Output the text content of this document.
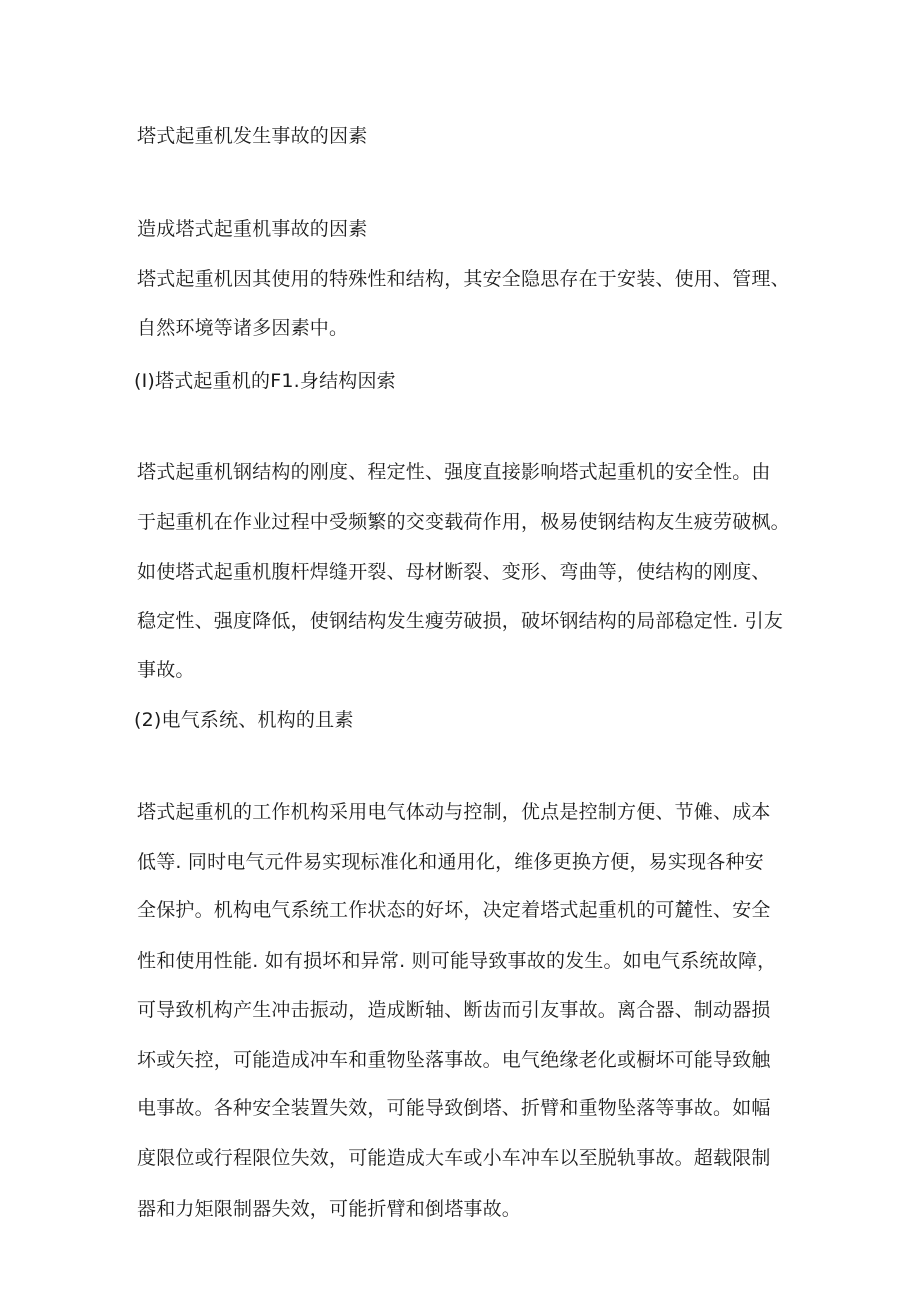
塔式起重机发生事故的因素
造成塔式起重机事故的因素
塔式起重机因其使用的特殊性和结构，其安全隐思存在于安装、使用、管理、
自然环境等诸多因素中。
(I)塔式起重机的F1.身结构因索
塔式起重机钢结构的刚度、程定性、强度直接影响塔式起重机的安全性。由
于起重机在作业过程中受频繁的交变载荷作用，极易使钢结构友生疲劳破枫。
如使塔式起重机腹杆焊缝开裂、母材断裂、变形、弯曲等，使结构的刚度、
稳定性、强度降低，使钢结构发生瘦劳破损，破坏钢结构的局部稳定性. 引友
事故。
(2)电气系统、机构的且素
塔式起重机的工作机构采用电气体动与控制，优点是控制方便、节傩、成本
低等. 同时电气元件易实现标准化和通用化，维侈更换方便，易实现各种安
全保护。机构电气系统工作状态的好坏，决定着塔式起重机的可麓性、安全
性和使用性能. 如有损坏和异常. 则可能导致事故的发生。如电气系统故障，
可导致机构产生冲击振动，造成断轴、断齿而引友事故。离合器、制动器损
坏或矢控，可能造成冲车和重物坠落事故。电气绝缘老化或橱坏可能导致触
电事故。各种安全装置失效，可能导致倒塔、折臂和重物坠落等事故。如幅
度限位或行程限位失效，可能造成大车或小车冲车以至脱轨事故。超载限制
器和力矩限制器失效，可能折臂和倒塔事故。
